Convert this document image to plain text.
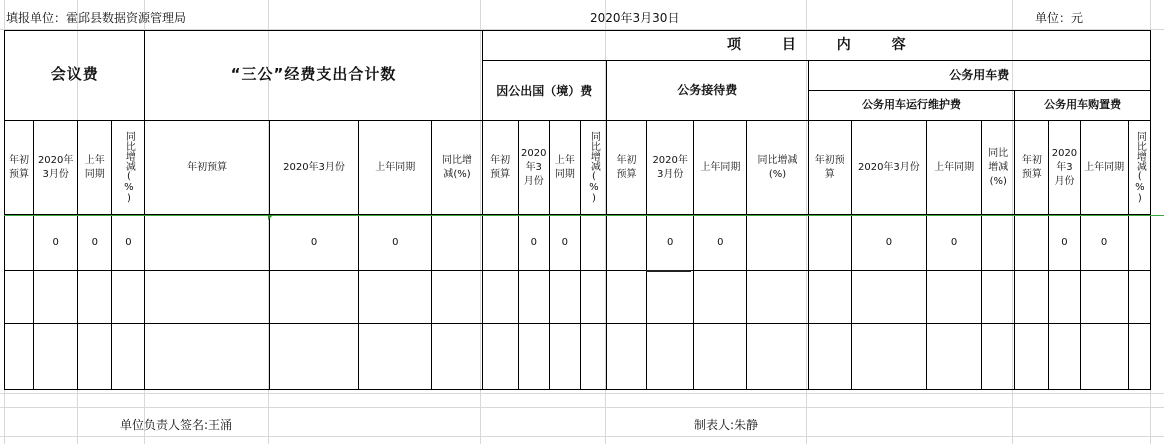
填报单位：霍邱县数据资源管理局	2020年3月30日	单位：元
会议费				“三公”经费支出合计数				项 目 内 容															

								因公出国（境）费				公务接待费				公务用车费							
																公务用车运行维护费				公务用车购置费			

年初预算	2020年3月份	上年同期	同比增减(%)	年初预算	2020年3月份	上年同期	同比增减(%)	年初预算	2020年3月份	上年同期	同比增减(%)	年初预算	2020年3月份	上年同期	同比增减(%)	年初预算	2020年3月份	上年同期	同比增减(%)	年初预算	2020年3月份	上年同期	同比增减(%)

	0	0	0		0	0			0	0			0	0			0	0			0	0	

单位负责人签名:王涌	制表人:朱静
